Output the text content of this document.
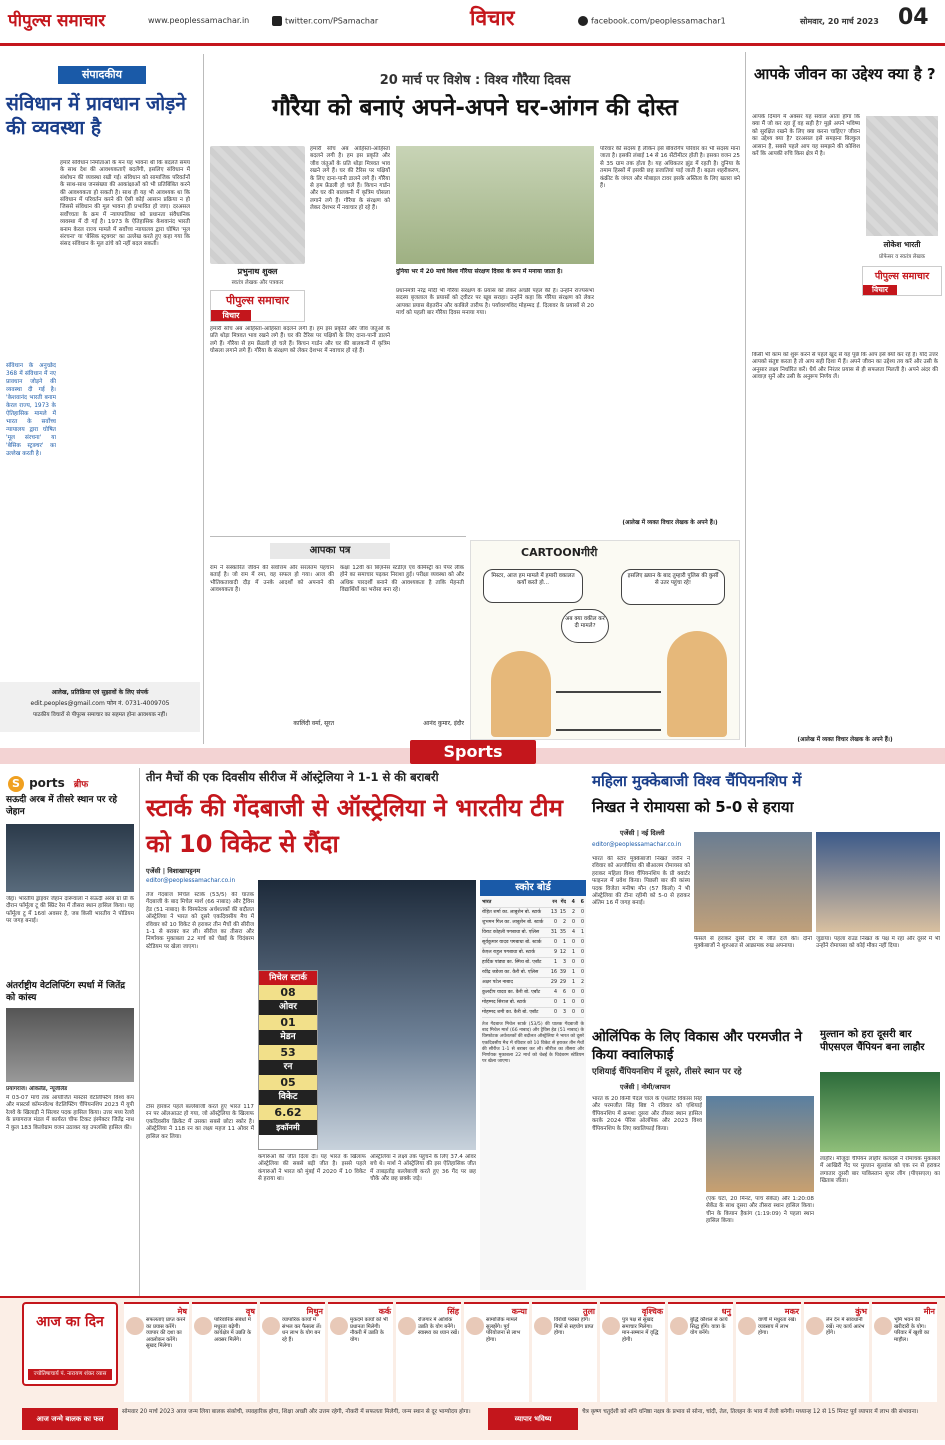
पीपुल्स समाचार	www.peoplessamachar.in	twitter.com/PSamachar	विचार	facebook.com/peoplessamachar1	सोमवार, 20 मार्च 2023 04
संपादकीय
संविधान में प्रावधान जोड़ने की व्यवस्था है
हमारे संविधान निर्माताओं के मन यह भावना थी कि बदलते समय के साथ देश की आवश्यकताएँ बदलेंगी, इसलिए संविधान में संशोधन की व्यवस्था रखी गई। संविधान को सामाजिक परिवर्तनों के साथ-साथ जनसंख्या की आकांक्षाओं को भी प्रतिबिंबित करने की आवश्यकता हो सकती है। साथ ही यह भी आवश्यक था कि संविधान में परिवर्तन करने की ऐसी कोई आसान प्रक्रिया न हो जिससे संविधान की मूल भावना ही प्रभावित हो जाए। दरअसल सर्वोच्चता के क्रम में न्यायपालिका को प्रधानता संवैधानिक व्यवस्था में दी गई है। 1973 के ऐतिहासिक केशवानंद भारती बनाम केरल राज्य मामले में सर्वोच्च न्यायालय द्वारा घोषित 'मूल संरचना' या 'बेसिक स्ट्रक्चर' का उल्लेख करते हुए कहा गया कि संसद संविधान के मूल ढांचे को नहीं बदल सकती।
संविधान के अनुच्छेद 368 में संविधान में नए प्रावधान जोड़ने की व्यवस्था दी गई है। 'केशवानंद भारती बनाम केरल राज्य, 1973 के ऐतिहासिक मामले में भारत के सर्वोच्च न्यायालय द्वारा घोषित 'मूल संरचना' या 'बेसिक स्ट्रक्चर' का उल्लेख करती है।
आलेख, प्रतिक्रिया एवं सुझावों के लिए संपर्क
edit.peoples@gmail.com फोन नं. 0731-4009705
पाठकीय विचारों से पीपुल्स समाचार का सहमत होना आवश्यक नहीं।
20 मार्च पर विशेष : विश्व गौरैया दिवस
गौरैया को बनाएं अपने-अपने घर-आंगन की दोस्त
प्रभुनाथ शुक्ल
स्वतंत्र लेखक और पत्रकार
पीपुल्स समाचार
विचार
हमारी सोच अब आहिस्ता-आहिस्ता बदलने लगी है। हम इस प्रकृति और जीव जंतुओं के प्रति थोड़ा मित्रवत भाव रखने लगे हैं। घर की टैरिस पर पक्षियों के लिए दाना-पानी डालने लगे हैं। गौरैया से हम फ्रेंडली हो चले हैं। किचन गार्डन और घर की बालकनी में कृत्रिम घोसला लगाने लगे हैं। गौरैया के संरक्षण को लेकर देशभर में नवाचार हो रहे हैं।
हमारी सोच अब आहिस्ता-आहिस्ता बदलने लगी है। हम इस प्रकृति और जीव जंतुओं के प्रति थोड़ा मित्रवत भाव रखने लगे हैं। घर की टैरिस पर पक्षियों के लिए दाना-पानी डालने लगे हैं। गौरैया से हम फ्रेंडली हो चले हैं। किचन गार्डन और घर की बालकनी में कृत्रिम घोसला लगाने लगे हैं। गौरैया के संरक्षण को लेकर देशभर में नवाचार हो रहे हैं।
दुनिया भर में 20 मार्च विश्व गौरैया संरक्षण दिवस के रूप में मनाया जाता है।
प्रधानमंत्री नरेंद्र मोदी भी गौरैया संरक्षण के प्रयास को लेकर अच्छी पहल की है। उन्होंने राज्यसभा सदस्य बृजलाल के प्रयासों को ट्वीटर पर खूब सराहा। उन्होंने कहा कि गौरैया संरक्षण को लेकर आपका प्रयास बेहतरीन और काबिले तारीफ है। पर्यावरणविद मोहम्मद ई. दिलावर के प्रयासों से 20 मार्च को पहली बार गौरैया दिवस मनाया गया।
परिवार की सदस्य है लेकिन इसे बीवरगिप परिवार का भी सदस्य माना जाता है। इसकी लंबाई 14 से 16 सेंटीमीटर होती है। इसका वजन 25 से 35 ग्राम तक होता है। यह अधिकतर झुंड में रहती है। दुनिया के तमाम हिस्सों में इसकी छह प्रजातियां पाई जाती हैं। बढ़ता शहरीकरण, कंक्रीट के जंगल और मोबाइल टावर इसके अस्तित्व के लिए खतरा बने हैं।
(आलेख में व्यक्त विचार लेखक के अपने हैं।)
आपका पत्र
राम ने संस्कारित जीवन की सर्वोत्तम और सरलतम पहचान बताई है। जो राम में रमा, वह सफल हो गया। आज की भौतिकतावादी दौड़ में उनके आदर्शों को अपनाने की आवश्यकता है।
कालिंदी वर्मा, सूरत
कक्षा 12वीं का बिज़नेस स्टडीज़ एवं केमिस्ट्री का पेपर लीक होने का समाचार पढ़कर निराशा हुई। परीक्षा व्यवस्था को और अधिक पारदर्शी बनाने की आवश्यकता है ताकि मेहनती विद्यार्थियों का भरोसा बना रहे।
आनंद कुमार, इंदौर
CARTOONगीरी
मिस्टर, आज हम मामले में हमारी वकालत कर्यो करते हो...
अब क्या वकील कर दी मामले?
इसलिए ख़्यान के बाद तुम्हारी पुलिस की कुर्सी से उतर पहुंचा रहे!
आपके जीवन का उद्देश्य क्या है ?
आपके दिमाग में अक्सर यह सवाल आता होगा कि क्या मैं जो कर रहा हूँ वह सही है? मुझे अपने भविष्य को सुरक्षित रखने के लिए क्या करना चाहिए? जीवन का उद्देश्य क्या है? दरअसल इसे समझना बिल्कुल आसान है, सबसे पहले आप यह समझने की कोशिश करें कि आपकी रुचि किस क्षेत्र में है।
लोकेश भारती
प्रोफेसर व स्वतंत्र लेखक
पीपुल्स समाचार
विचार
किसी भी काम को शुरू करने से पहले खुद से यह पूछें कि आप इसे क्यों कर रहे हैं। यदि उत्तर आपको संतुष्ट करता है तो आप सही दिशा में हैं। अपने जीवन का उद्देश्य तय करें और उसी के अनुसार लक्ष्य निर्धारित करें। धैर्य और निरंतर प्रयास से ही सफलता मिलती है। अपने अंदर की आवाज़ सुनें और उसी के अनुरूप निर्णय लें।
(आलेख में व्यक्त विचार लेखक के अपने हैं।)
Sports
S ports ब्रीफ
सऊदी अरब में तीसरे स्थान पर रहे जेहान
जेद्दा। भारतीय ड्राइवर जेहान दारूवाला ने सऊदी अरब ग्रां प्री के दौरान फॉर्मूला टू की स्प्रिंट रेस में तीसरा स्थान हासिल किया। यह फॉर्मूला टू में 16वां अवसर है, जब किसी भारतीय ने पोडियम पर जगह बनाई।
अंतर्राष्ट्रीय वेटलिफ्टिंग स्पर्धा में जितेंद्र को कांस्य
प्रयागराज। ऑकलैंड, न्यूजीलैंड
में 03-07 मार्च तक आयोजित मास्टर्स वेटलिफ्टिंग विश्व कप और मास्टर्स कॉमनवेल्थ वेटलिफ्टिंग चैंपियनशिप 2023 में यूपी रेलवे के खिलाड़ी ने सिल्वर पदक हासिल किया। उत्तर मध्य रेलवे के प्रयागराज मंडल में कार्यरत चीफ टिकट इंस्पेक्टर जितेंद्र नाथ ने कुल 183 किलोग्राम वजन उठाकर यह उपलब्धि हासिल की।
तीन मैचों की एक दिवसीय सीरीज में ऑस्ट्रेलिया ने 1-1 से की बराबरी
स्टार्क की गेंदबाजी से ऑस्ट्रेलिया ने भारतीय टीम को 10 विकेट से रौंदा
एजेंसी | विशाखापट्टनम
editor@peoplessamachar.co.in
तेज गेंदबाज मिचेल स्टार्क (53/5) की घातक गेंदबाजी के बाद मिचेल मार्श (66 नाबाद) और ट्रैविस हेड (51 नाबाद) के विस्फोटक अर्धशतकों की बदौलत ऑस्ट्रेलिया ने भारत को दूसरे एकदिवसीय मैच में रविवार को 10 विकेट से हराकर तीन मैचों की सीरीज 1-1 से बराबर कर ली। सीरीज का तीसरा और निर्णायक मुकाबला 22 मार्च को चेन्नई के चिदंबरम स्टेडियम पर खेला जाएगा।
टॉस हारकर पहले बल्लेबाजी करते हुए भारत 117 रन पर ऑलआउट हो गया, जो ऑस्ट्रेलिया के खिलाफ एकदिवसीय क्रिकेट में उसका सबसे छोटा स्कोर है। ऑस्ट्रेलिया ने 118 रन का लक्ष्य महज 11 ओवर में हासिल कर लिया।
मिचेल स्टार्क
08
ओवर
01
मेडन
53
रन
05
विकेट
6.62
इकॉनमी
कंगारुओं की जीत दिला दी। यह भारत के खिलाफ ऑस्ट्रेलिया की सबसे बड़ी जीत है। इससे पहले कंगारुओं ने भारत को मुंबई में 2020 में 10 विकेट से हराया था।
ऑस्ट्रेलिया ने लक्ष्य तक पहुंचने के लिए 37.4 ओवर बचे थे। मार्श ने ऑस्ट्रेलिया की इस ऐतिहासिक जीत में ताबड़तोड़ बल्लेबाजी करते हुए 36 गेंद पर छह चौके और छह छक्के जड़े।
स्कोर बोर्ड
भारत	रन गेंद	4	6
रोहित शर्मा का. लाबुशेन बो. स्टार्क	13 15	2	0
शुभमन गिल का. लाबुशेन बो. स्टार्क	0	2	0	0
विराट कोहली पगबाधा बो. एलिस	31 35	4	1
सूर्यकुमार यादव पगबाधा बो. स्टार्क	0	1	0	0
केएल राहुल पगबाधा बो. स्टार्क	9 12	1	0
हार्दिक पांड्या का. स्मिथ बो. एबॉट	1	3	0	0
रवींद्र जडेजा का. कैरी बो. एलिस	16 39	1	0
अक्षर पटेल नाबाद	29 29	1	2
कुलदीप यादव का. कैरी बो. एबॉट	4	6	0	0
मोहम्मद सिराज बो. स्टार्क	0	1	0	0
मोहम्मद शमी का. कैरी बो. एबॉट	0	3	0	0
तेज गेंदबाज मिचेल स्टार्क (53/5) की घातक गेंदबाजी के बाद मिचेल मार्श (66 नाबाद) और ट्रैविस हेड (51 नाबाद) के विस्फोटक अर्धशतकों की बदौलत ऑस्ट्रेलिया ने भारत को दूसरे एकदिवसीय मैच में रविवार को 10 विकेट से हराकर तीन मैचों की सीरीज 1-1 से बराबर कर ली। सीरीज का तीसरा और निर्णायक मुकाबला 22 मार्च को चेन्नई के चिदंबरम स्टेडियम पर खेला जाएगा।
महिला मुक्केबाजी विश्व चैंपियनशिप में
निखत ने रोमायसा को 5-0 से हराया
एजेंसी | नई दिल्ली
editor@peoplessamachar.co.in
भारत की स्टार मुक्केबाजी निखत जरीन ने रविवार को अल्जीरिया की बौआलम रोमायसा को हराकर महिला विश्व चैंपियनशिप के प्री क्वार्टर फाइनल में प्रवेश किया। पिछली बार की कांस्य पदक विजेता मनीषा मौन (57 किलो) ने भी ऑस्ट्रेलिया की टीना रहीमी को 5-0 से हराकर अंतिम 16 में जगह बनाई।
फैसले से हराकर दूसरे दौर में जीत दर्ज की। दोनों मुक्केबाजों ने शुरुआत से आक्रामक रुख अपनाया।
जुडाया। पहला राउंड निखत के पक्ष में रहा और दूसरे में भी उन्होंने रोमायसा को कोई मौका नहीं दिया।
ओलिंपिक के लिए विकास और परमजीत ने किया क्वालिफाई
एशियाई चैंपियनशिप में दूसरे, तीसरे स्थान पर रहे
एजेंसी | नोमी/जापान
भारत के 20 किमी पैदल चाल के एथलीट विकास सिंह और परमजीत सिंह बिष्ट ने रविवार को एशियाई चैंपियनशिप में क्रमशः दूसरा और तीसरा स्थान हासिल करके 2024 पेरिस ओलंपिक और 2023 विश्व चैंपियनशिप के लिए क्वालिफाई किया।
(एक घंटा, 20 मिनट, पांच सेकेंड) और 1:20:08 सेकेंड के साथ दूसरा और तीसरा स्थान हासिल किया। चीन के कियान हैकांग (1:19:09) ने पहला स्थान हासिल किया।
मुल्तान को हरा दूसरी बार पीएसएल चैंपियन बना लाहौर
लाहौर। मौजूदा चैंपियन लाहौर कलंदर्स ने रोमांचक मुकाबले में आखिरी गेंद पर मुल्तान सुल्तांस को एक रन से हराकर लगातार दूसरी बार पाकिस्तान सुपर लीग (पीएसएल) का खिताब जीता।
आज का दिन
ज्योतिषाचार्य पं. नारायण शंकर व्यास
मेष
सफलताएं प्राप्त करने का प्रयास करेंगे। व्यापार की दशा का अवलोकन करेंगे। सुखद मिलेगा।
वृष
पारिवारिक संबंधों में मधुरता बढ़ेगी। कार्यक्षेत्र में उन्नति के अवसर मिलेंगे।
मिथुन
व्यापारिक कार्यों में संभल कर फैसला लें। धन लाभ के योग बन रहे हैं।
कर्क
मुकदमे कार्यों को भी प्रधानता मिलेगी। नौकरी में उन्नति के योग।
सिंह
रोजगार में आशिक उन्नति के योग बनेंगे। स्वास्थ्य का ध्यान रखें।
कन्या
सामाजिक मामले सुलझेंगे। पूर्व परियोजना से लाभ होगा।
तुला
विरोधी परास्त होंगे। मित्रों से सहयोग प्राप्त होगा।
वृश्चिक
पुत्र पक्ष से सुखद समाचार मिलेगा। मान-सम्मान में वृद्धि होगी।
धनु
बुद्धि कौशल से कार्य सिद्ध होंगे। यात्रा के योग बनेंगे।
मकर
वाणी में मधुरता रखें। व्यवसाय में लाभ होगा।
कुंभ
लेन देन में सावधानी रखें। नए कार्य आरंभ होंगे।
मीन
भूमि भवन की खरीदारी के योग। परिवार में खुशी का माहौल।
आज जन्मे बालक का फल
सोमवार 20 मार्च 2023 आज जन्म लिया बालक संकोची, व्यवहारिक होगा, शिक्षा अच्छी और उत्तम रहेगी, नौकरी में सफलता मिलेगी, जन्म स्थान से दूर भाग्योदय होगा।
व्यापार भविष्य
चैत्र कृष्ण चतुर्दशी को शनि धनिष्ठा नक्षत्र के प्रभाव से सोना, चांदी, तेल, तिलहन के भाव में तेजी बनेगी। मध्यान्ह 12 से 15 मिनट पूर्व व्यापार में लाभ की संभावना।
